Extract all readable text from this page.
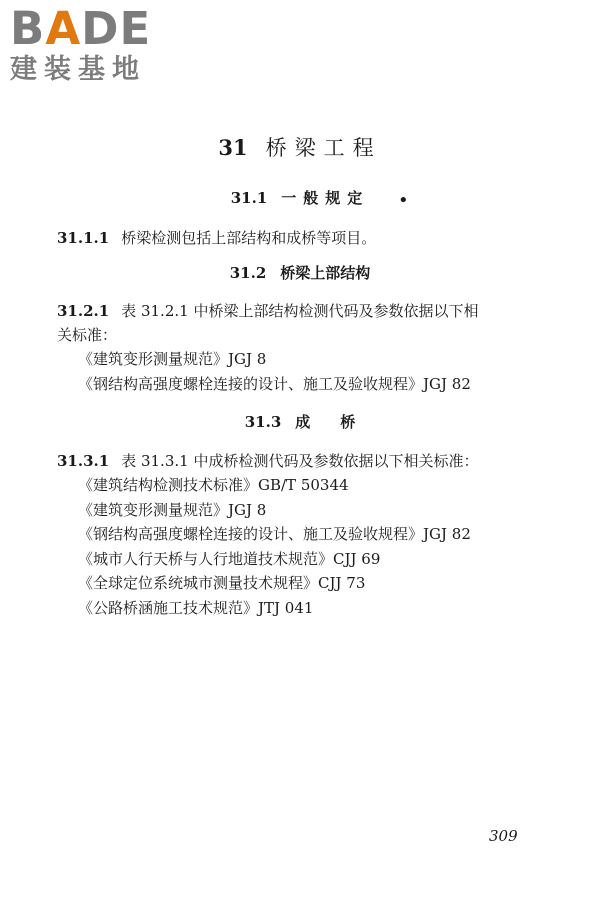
BADE
建装基地
31 桥梁工程
31.1 一般规定	•
31.1.1 桥梁检测包括上部结构和成桥等项目。
31.2 桥梁上部结构
31.2.1 表 31.2.1 中桥梁上部结构检测代码及参数依据以下相
关标准：
《建筑变形测量规范》JGJ 8
《钢结构高强度螺栓连接的设计、施工及验收规程》JGJ 82
31.3 成　　桥
31.3.1 表 31.3.1 中成桥检测代码及参数依据以下相关标准：
《建筑结构检测技术标准》GB/T 50344
《建筑变形测量规范》JGJ 8
《钢结构高强度螺栓连接的设计、施工及验收规程》JGJ 82
《城市人行天桥与人行地道技术规范》CJJ 69
《全球定位系统城市测量技术规程》CJJ 73
《公路桥涵施工技术规范》JTJ 041
309
